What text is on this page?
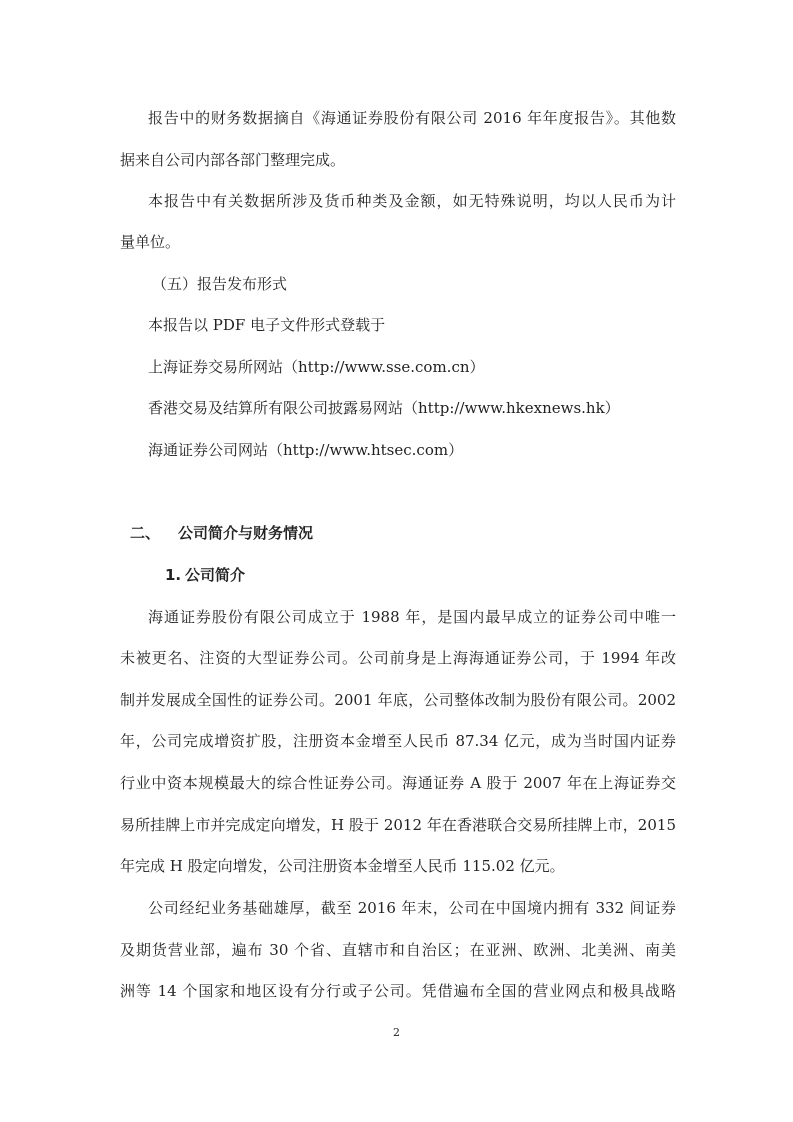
报告中的财务数据摘自《海通证券股份有限公司 2016 年年度报告》。其他数
据来自公司内部各部门整理完成。
本报告中有关数据所涉及货币种类及金额，如无特殊说明，均以人民币为计
量单位。
（五）报告发布形式
本报告以 PDF 电子文件形式登载于
上海证券交易所网站（http://www.sse.com.cn）
香港交易及结算所有限公司披露易网站（http://www.hkexnews.hk）
海通证券公司网站（http://www.htsec.com）
二、	公司简介与财务情况
1. 公司简介
海通证券股份有限公司成立于 1988 年，是国内最早成立的证券公司中唯一
未被更名、注资的大型证券公司。公司前身是上海海通证券公司，于 1994 年改
制并发展成全国性的证券公司。2001 年底，公司整体改制为股份有限公司。2002
年，公司完成增资扩股，注册资本金增至人民币 87.34 亿元，成为当时国内证券
行业中资本规模最大的综合性证券公司。海通证券 A 股于 2007 年在上海证券交
易所挂牌上市并完成定向增发，H 股于 2012 年在香港联合交易所挂牌上市，2015
年完成 H 股定向增发，公司注册资本金增至人民币 115.02 亿元。
公司经纪业务基础雄厚，截至 2016 年末，公司在中国境内拥有 332 间证券
及期货营业部，遍布 30 个省、直辖市和自治区；在亚洲、欧洲、北美洲、南美
洲等 14 个国家和地区设有分行或子公司。凭借遍布全国的营业网点和极具战略
2
